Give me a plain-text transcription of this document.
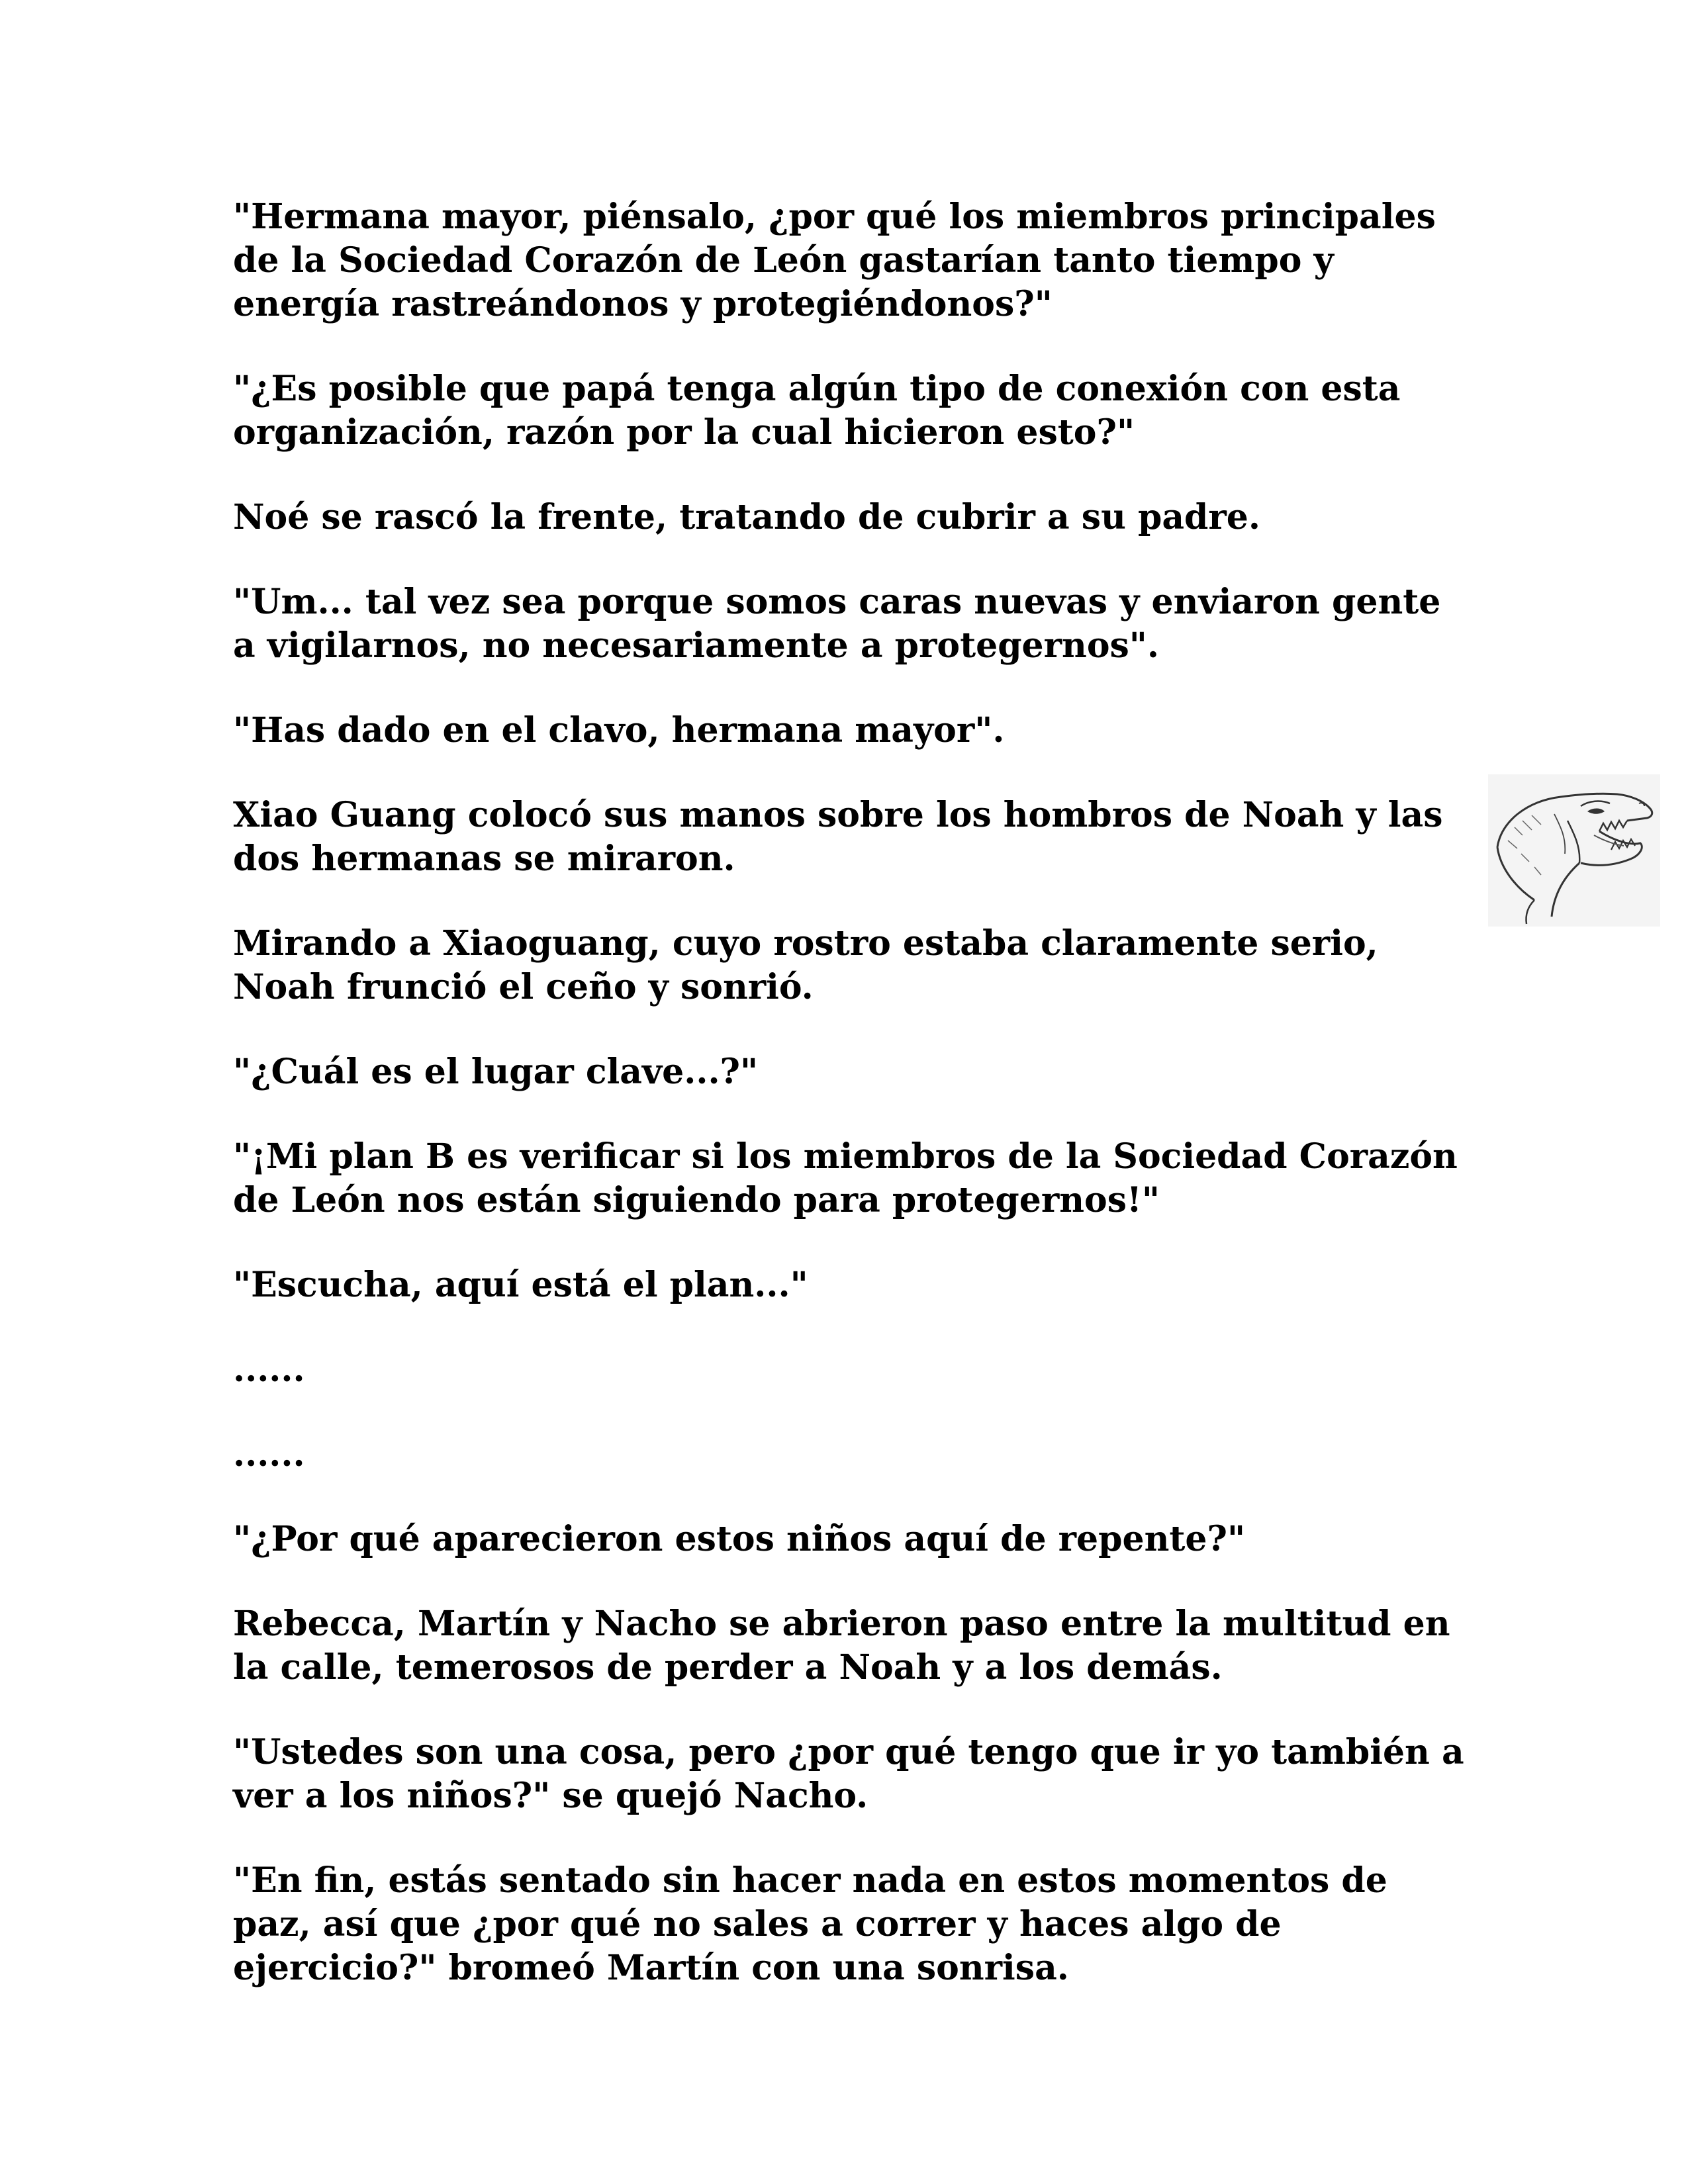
"Hermana mayor, piénsalo, ¿por qué los miembros principales
de la Sociedad Corazón de León gastarían tanto tiempo y
energía rastreándonos y protegiéndonos?"

"¿Es posible que papá tenga algún tipo de conexión con esta
organización, razón por la cual hicieron esto?"

Noé se rascó la frente, tratando de cubrir a su padre.

"Um... tal vez sea porque somos caras nuevas y enviaron gente
a vigilarnos, no necesariamente a protegernos".

"Has dado en el clavo, hermana mayor".

Xiao Guang colocó sus manos sobre los hombros de Noah y las
dos hermanas se miraron.

Mirando a Xiaoguang, cuyo rostro estaba claramente serio,
Noah frunció el ceño y sonrió.

"¿Cuál es el lugar clave...?"

"¡Mi plan B es verificar si los miembros de la Sociedad Corazón
de León nos están siguiendo para protegernos!"

"Escucha, aquí está el plan..."

......

......

"¿Por qué aparecieron estos niños aquí de repente?"

Rebecca, Martín y Nacho se abrieron paso entre la multitud en
la calle, temerosos de perder a Noah y a los demás.

"Ustedes son una cosa, pero ¿por qué tengo que ir yo también a
ver a los niños?" se quejó Nacho.

"En fin, estás sentado sin hacer nada en estos momentos de
paz, así que ¿por qué no sales a correr y haces algo de
ejercicio?" bromeó Martín con una sonrisa.
